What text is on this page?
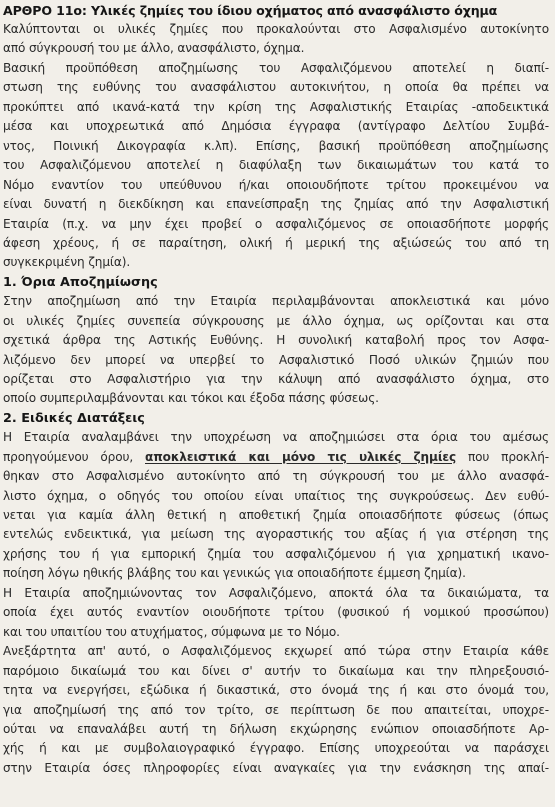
ΑΡΘΡΟ 11ο: Υλικές ζημίες του ίδιου οχήματος από ανασφάλιστο όχημα
Καλύπτονται οι υλικές ζημίες που προκαλούνται στο Ασφαλισμένο αυτοκίνητο
από σύγκρουσή του με άλλο, ανασφάλιστο, όχημα.
Βασική προϋπόθεση αποζημίωσης του Ασφαλιζόμενου αποτελεί η διαπί-
στωση της ευθύνης του ανασφάλιστου αυτοκινήτου, η οποία θα πρέπει να
προκύπτει από ικανά-κατά την κρίση της Ασφαλιστικής Εταιρίας -αποδεικτικά
μέσα και υποχρεωτικά από Δημόσια έγγραφα (αντίγραφο Δελτίου Συμβά-
ντος, Ποινική Δικογραφία κ.λπ). Επίσης, βασική προϋπόθεση αποζημίωσης
του Ασφαλιζόμενου αποτελεί η διαφύλαξη των δικαιωμάτων του κατά το
Νόμο εναντίον του υπεύθυνου ή/και οποιουδήποτε τρίτου προκειμένου να
είναι δυνατή η διεκδίκηση και επανείσπραξη της ζημίας από την Ασφαλιστική
Εταιρία (π.χ. να μην έχει προβεί ο ασφαλιζόμενος σε οποιασδήποτε μορφής
άφεση χρέους, ή σε παραίτηση, ολική ή μερική της αξιώσεώς του από τη
συγκεκριμένη ζημία).
1. Όρια Αποζημίωσης
Στην αποζημίωση από την Εταιρία περιλαμβάνονται αποκλειστικά και μόνο
οι υλικές ζημίες συνεπεία σύγκρουσης με άλλο όχημα, ως ορίζονται και στα
σχετικά άρθρα της Αστικής Ευθύνης. Η συνολική καταβολή προς τον Ασφα-
λιζόμενο δεν μπορεί να υπερβεί το Ασφαλιστικό Ποσό υλικών ζημιών που
ορίζεται στο Ασφαλιστήριο για την κάλυψη από ανασφάλιστο όχημα, στο
οποίο συμπεριλαμβάνονται και τόκοι και έξοδα πάσης φύσεως.
2. Ειδικές Διατάξεις
Η Εταιρία αναλαμβάνει την υποχρέωση να αποζημιώσει στα όρια του αμέσως
προηγούμενου όρου, αποκλειστικά και μόνο τις υλικές ζημίες που προκλή-
θηκαν στο Ασφαλισμένο αυτοκίνητο από τη σύγκρουσή του με άλλο ανασφά-
λιστο όχημα, ο οδηγός του οποίου είναι υπαίτιος της συγκρούσεως. Δεν ευθύ-
νεται για καμία άλλη θετική η αποθετική ζημία οποιασδήποτε φύσεως (όπως
εντελώς ενδεικτικά, για μείωση της αγοραστικής του αξίας ή για στέρηση της
χρήσης του ή για εμπορική ζημία του ασφαλιζόμενου ή για χρηματική ικανο-
ποίηση λόγω ηθικής βλάβης του και γενικώς για οποιαδήποτε έμμεση ζημία).
Η Εταιρία αποζημιώνοντας τον Ασφαλιζόμενο, αποκτά όλα τα δικαιώματα, τα
οποία έχει αυτός εναντίον οιουδήποτε τρίτου (φυσικού ή νομικού προσώπου)
και του υπαιτίου του ατυχήματος, σύμφωνα με το Νόμο.
Ανεξάρτητα απ' αυτό, ο Ασφαλιζόμενος εκχωρεί από τώρα στην Εταιρία κάθε
παρόμοιο δικαίωμά του και δίνει σ' αυτήν το δικαίωμα και την πληρεξουσιό-
τητα να ενεργήσει, εξώδικα ή δικαστικά, στο όνομά της ή και στο όνομά του,
για αποζημίωσή της από τον τρίτο, σε περίπτωση δε που απαιτείται, υποχρε-
ούται να επαναλάβει αυτή τη δήλωση εκχώρησης ενώπιον οποιασδήποτε Αρ-
χής ή και με συμβολαιογραφικό έγγραφο. Επίσης υποχρεούται να παράσχει
στην Εταιρία όσες πληροφορίες είναι αναγκαίες για την ενάσκηση της απαί-
